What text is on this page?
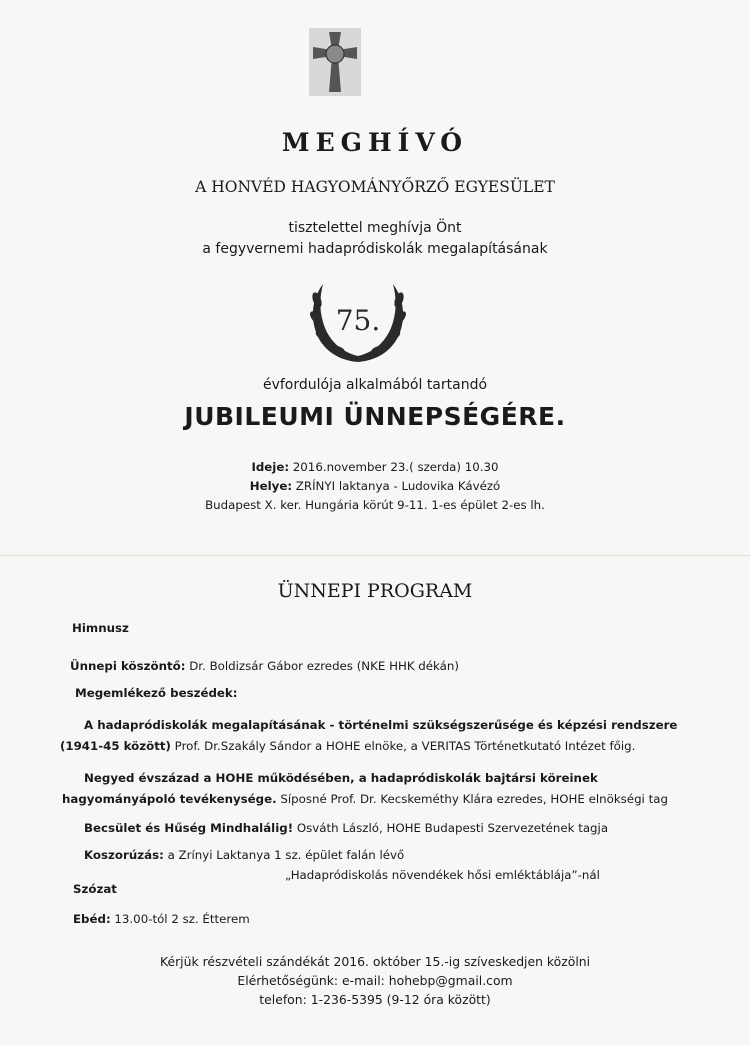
MEGHÍVÓ
A HONVÉD HAGYOMÁNYŐRZŐ EGYESÜLET
tisztelettel meghívja Önt
a fegyvernemi hadapródiskolák megalapításának
75.
évfordulója alkalmából tartandó
JUBILEUMI ÜNNEPSÉGÉRE.
Ideje: 2016.november 23.( szerda) 10.30
Helye: ZRÍNYI laktanya - Ludovika Kávézó
Budapest X. ker. Hungária körút 9-11. 1-es épület 2-es lh.
ÜNNEPI PROGRAM
Himnusz
Ünnepi köszöntő: Dr. Boldizsár Gábor ezredes (NKE HHK dékán)
Megemlékező beszédek:
A hadapródiskolák megalapításának - történelmi szükségszerűsége és képzési rendszere
(1941-45 között) Prof. Dr.Szakály Sándor a HOHE elnöke, a VERITAS Történetkutató Intézet főig.
Negyed évszázad a HOHE működésében, a hadapródiskolák bajtársi köreinek
hagyományápoló tevékenysége. Síposné Prof. Dr. Kecskeméthy Klára ezredes, HOHE elnökségi tag
Becsület és Hűség Mindhalálig! Osváth László, HOHE Budapesti Szervezetének tagja
Koszorúzás: a Zrínyi Laktanya 1 sz. épület falán lévő
„Hadapródiskolás növendékek hősi emléktáblája”-nál
Szózat
Ebéd: 13.00-tól 2 sz. Étterem
Kérjük részvételi szándékát 2016. október 15.-ig szíveskedjen közölni
Elérhetőségünk: e-mail: hohebp@gmail.com
telefon: 1-236-5395 (9-12 óra között)
